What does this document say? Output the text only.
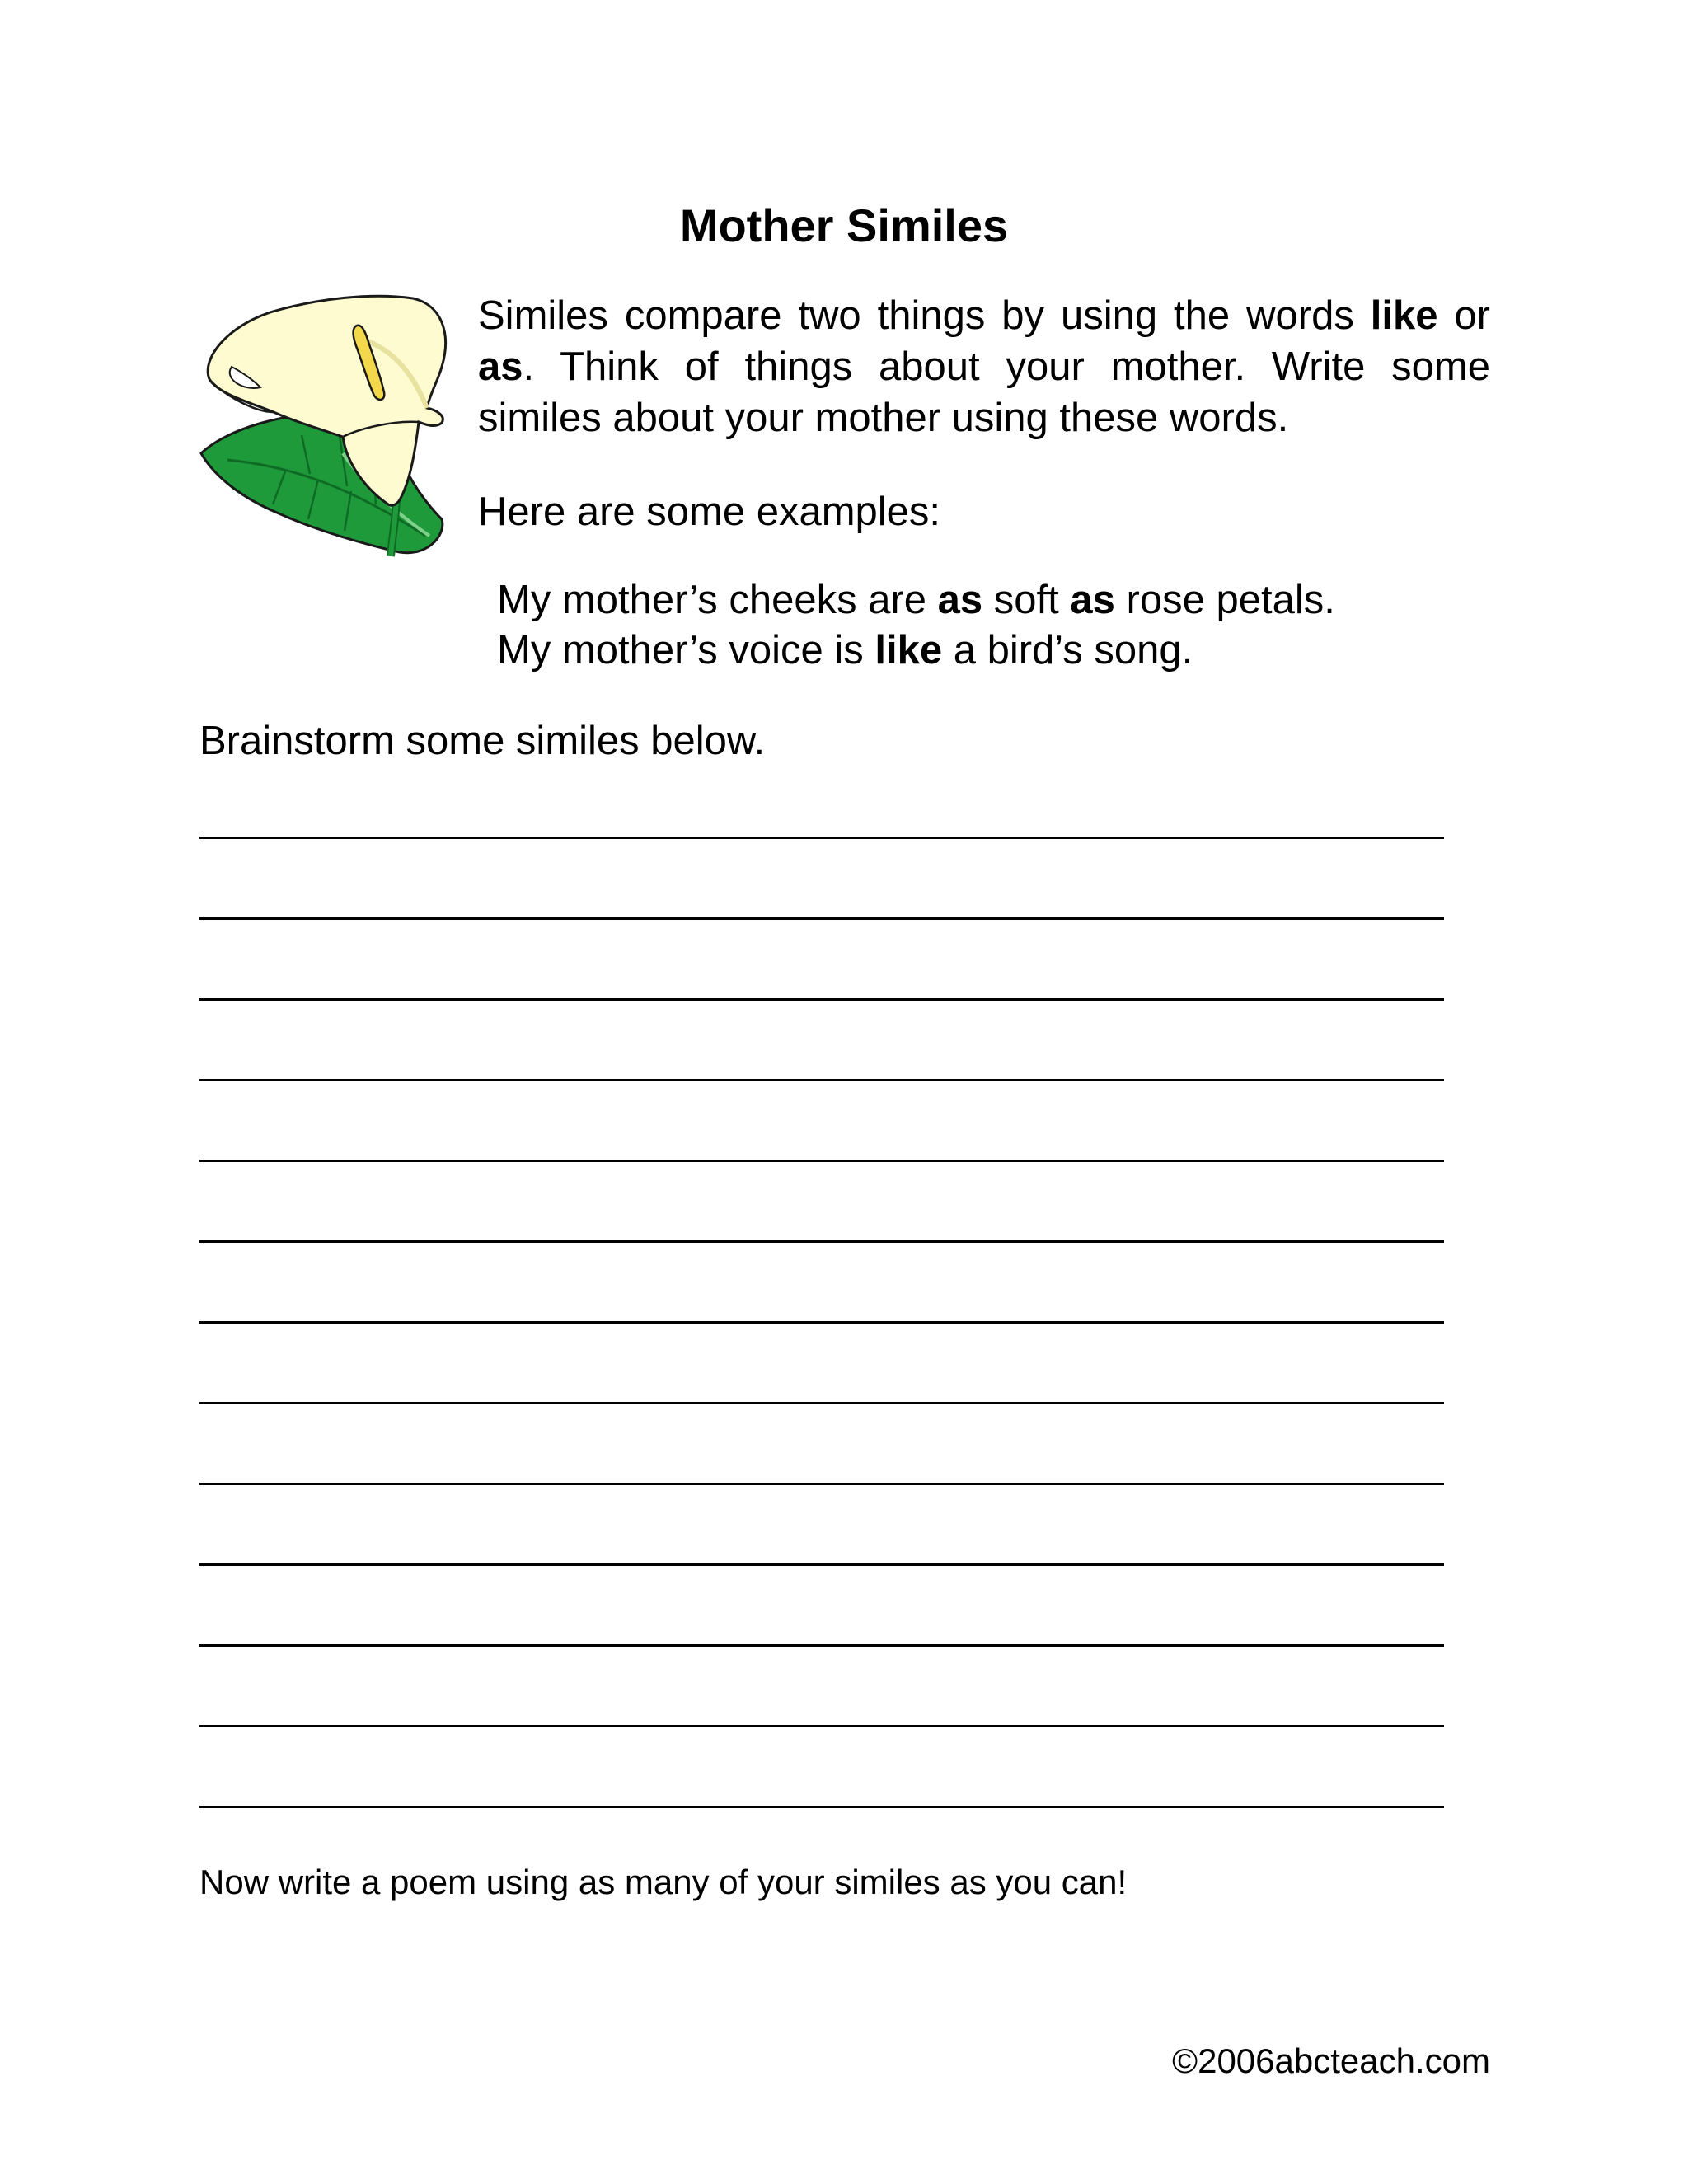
Mother Similes

Similes compare two things by using the words like or as. Think of things about your mother. Write some similes about your mother using these words.

Here are some examples:

My mother’s cheeks are as soft as rose petals.

My mother’s voice is like a bird’s song.

Brainstorm some similes below.

Now write a poem using as many of your similes as you can!

©2006abcteach.com
